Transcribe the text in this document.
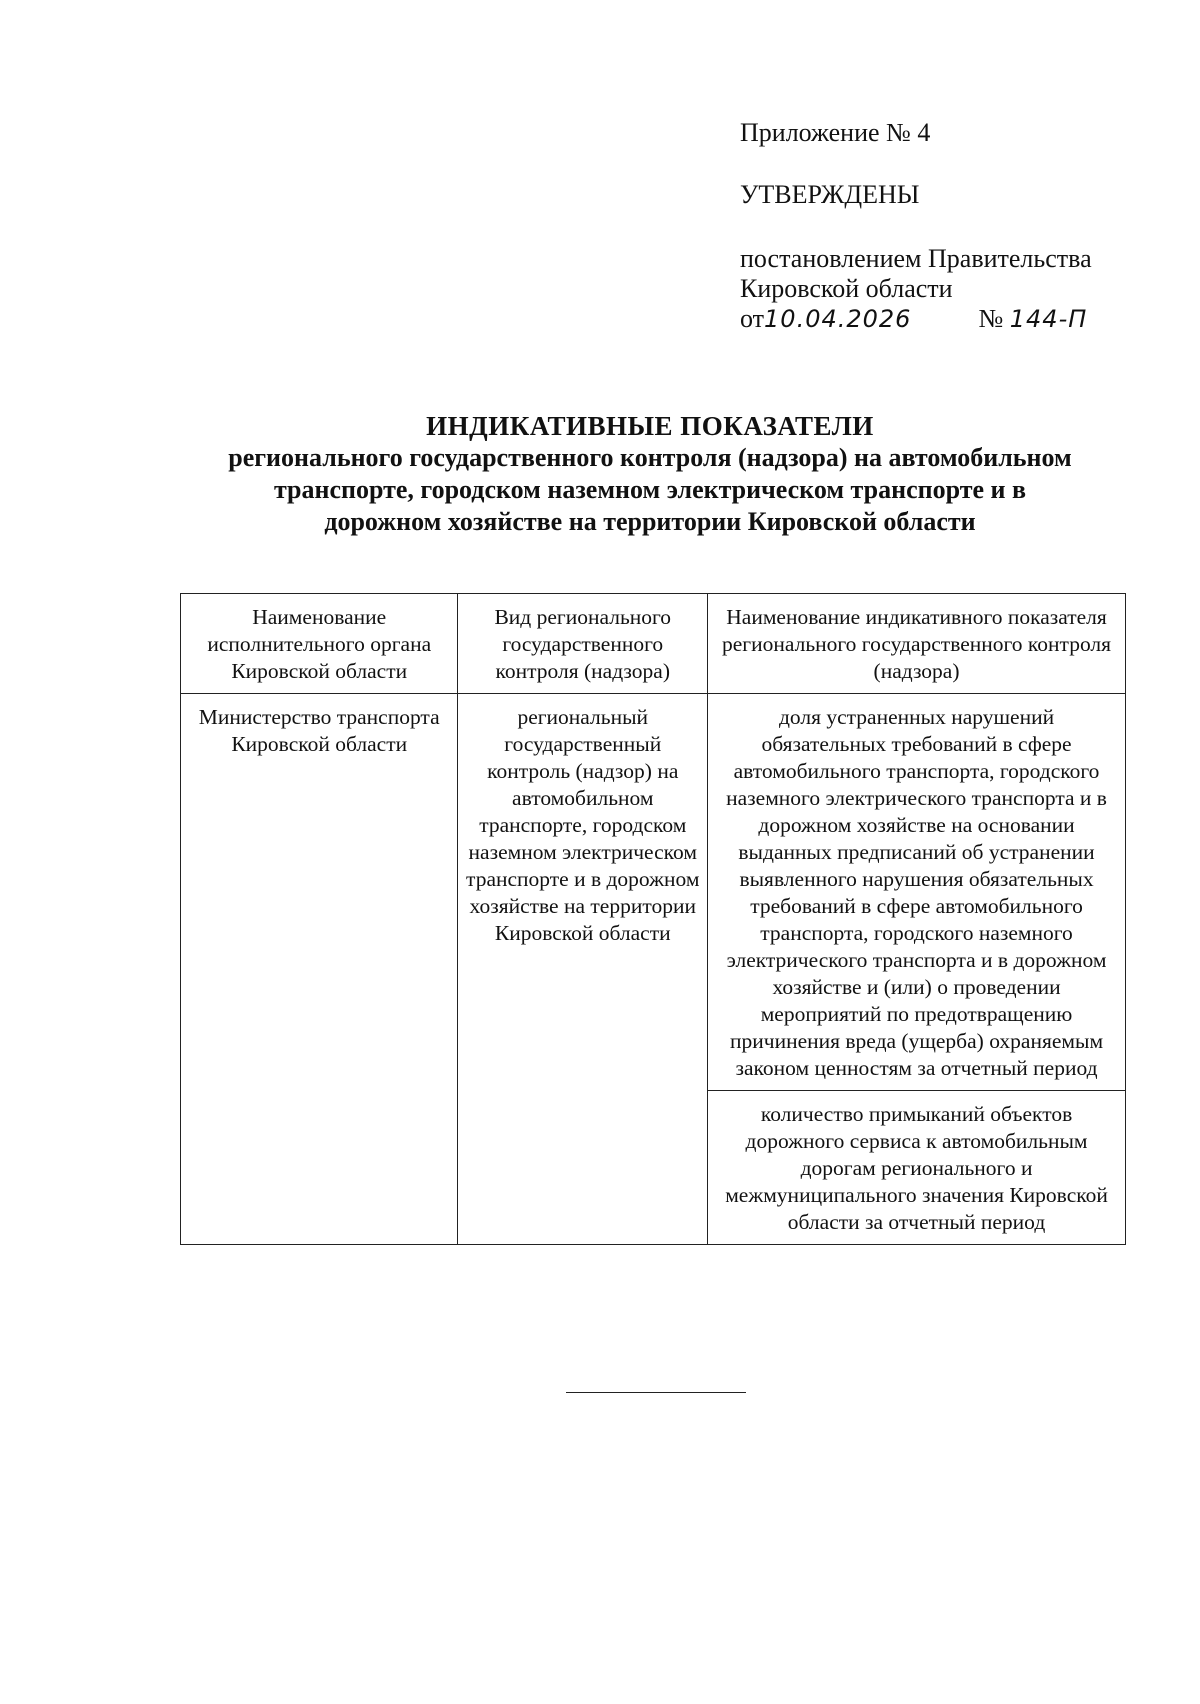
Приложение № 4
УТВЕРЖДЕНЫ
постановлением Правительства
Кировской области
от10.04.2026	№ 144-П
ИНДИКАТИВНЫЕ ПОКАЗАТЕЛИ
регионального государственного контроля (надзора) на автомобильном
транспорте, городском наземном электрическом транспорте и в
дорожном хозяйстве на территории Кировской области
Наименование исполнительного органа Кировской области	Вид регионального государственного контроля (надзора)	Наименование индикативного показателя регионального государственного контроля (надзора)
Министерство транспорта Кировской области	региональный государственный контроль (надзор) на автомобильном транспорте, городском наземном электрическом транспорте и в дорожном хозяйстве на территории Кировской области	доля устраненных нарушений обязательных требований в сфере автомобильного транспорта, городского наземного электрического транспорта и в дорожном хозяйстве на основании выданных предписаний об устранении выявленного нарушения обязательных требований в сфере автомобильного транспорта, городского наземного электрического транспорта и в дорожном хозяйстве и (или) о проведении мероприятий по предотвращению причинения вреда (ущерба) охраняемым законом ценностям за отчетный период
		количество примыканий объектов дорожного сервиса к автомобильным дорогам регионального и межмуниципального значения Кировской области за отчетный период
